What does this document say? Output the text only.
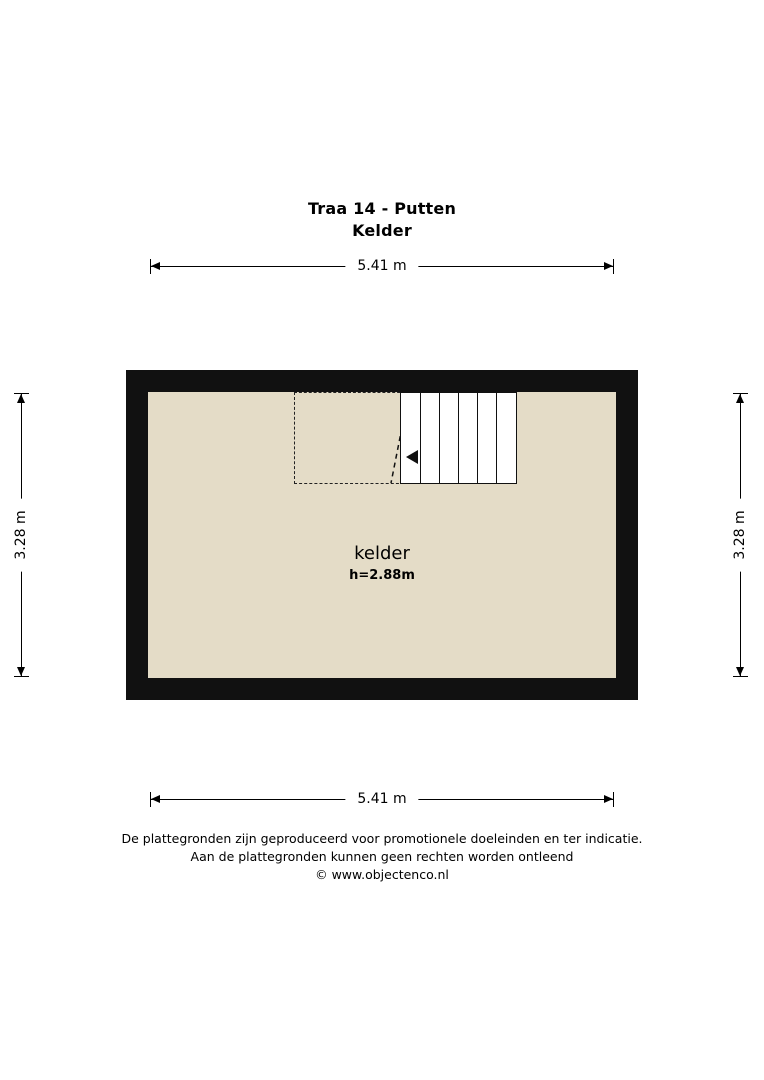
Traa 14 - Putten
Kelder
5.41 m
3.28 m	3.28 m
kelder
h=2.88m
5.41 m
De plattegronden zijn geproduceerd voor promotionele doeleinden en ter indicatie.
Aan de plattegronden kunnen geen rechten worden ontleend
© www.objectenco.nl
